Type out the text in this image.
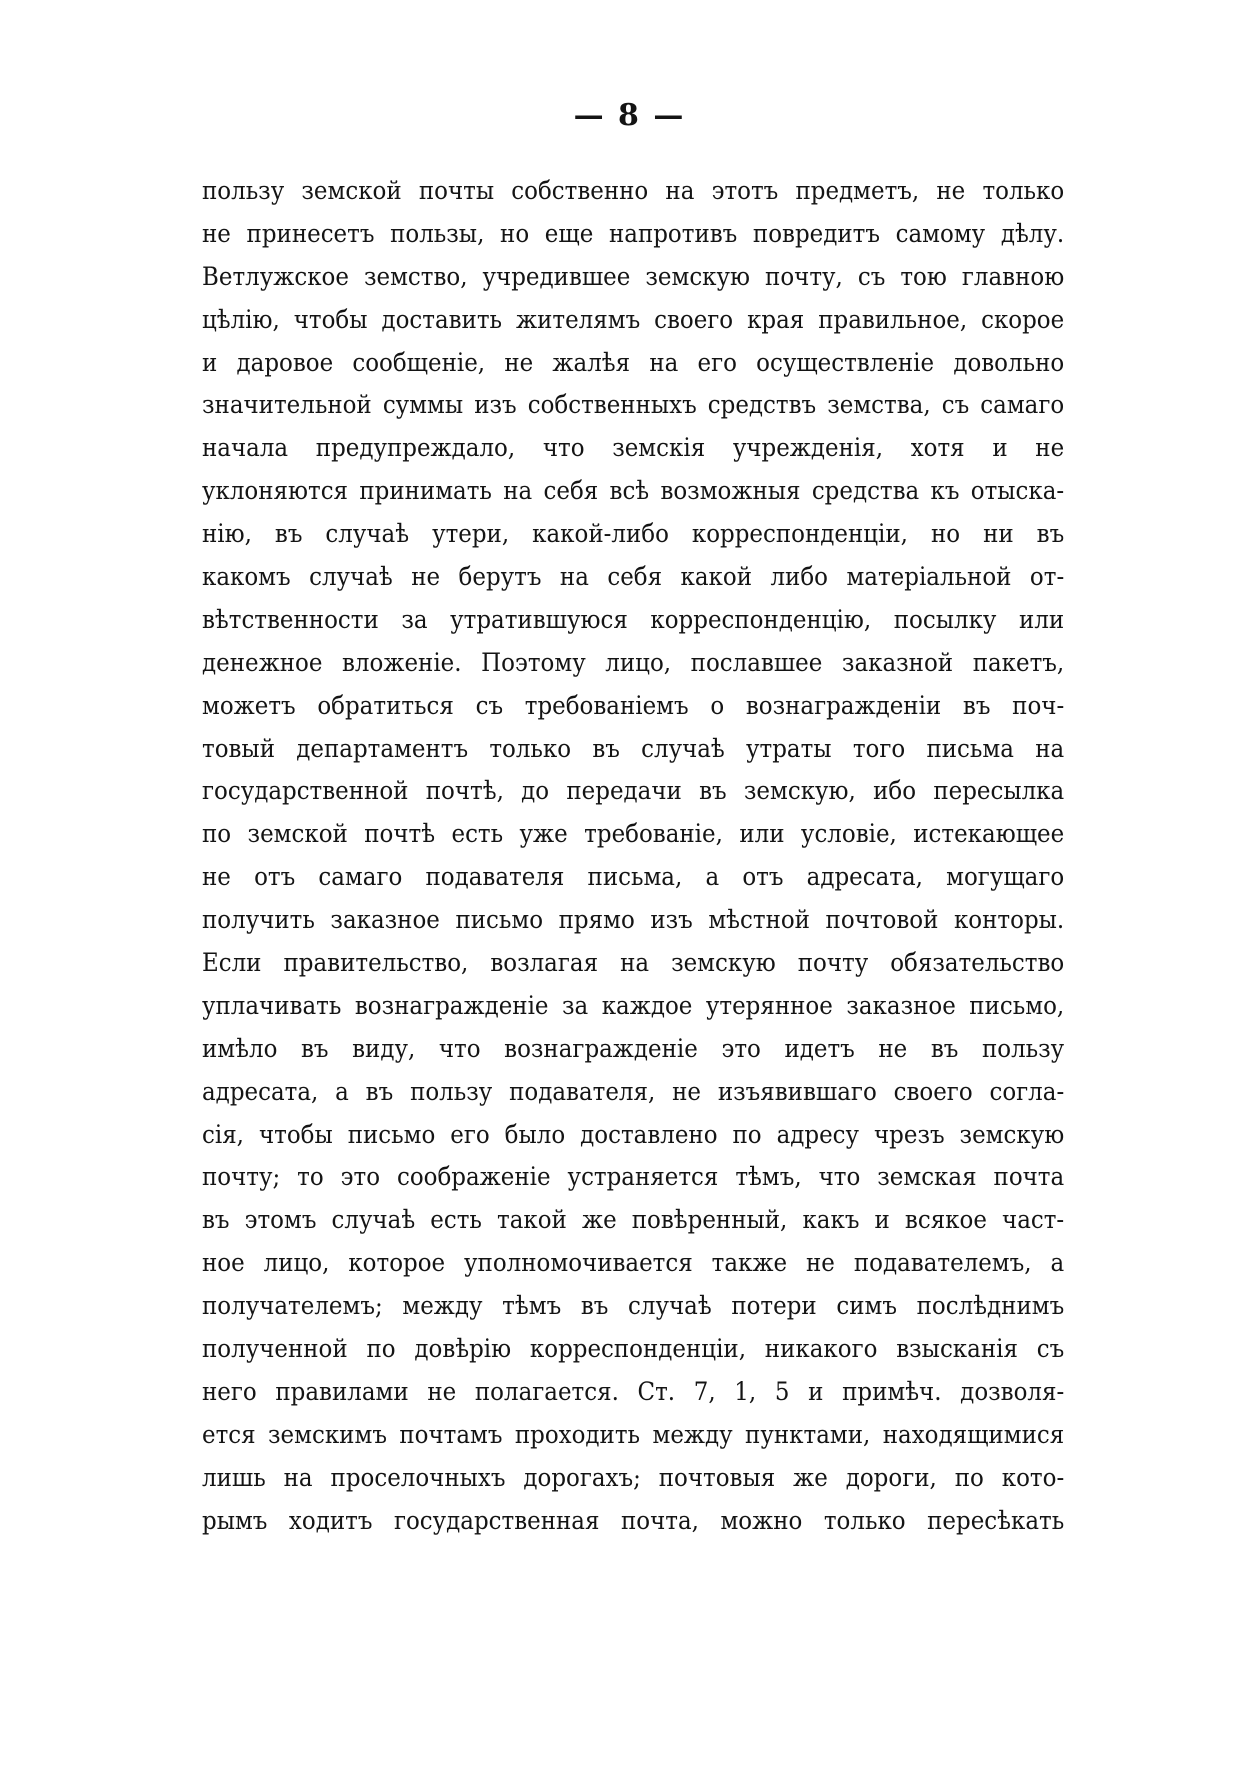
— 8 —
пользу земской почты собственно на этотъ предметъ, не только
не принесетъ пользы, но еще напротивъ повредитъ самому дѣлу.
Ветлужское земство, учредившее земскую почту, съ тою главною
цѣлію, чтобы доставить жителямъ своего края правильное, скорое
и даровое сообщеніе, не жалѣя на его осуществленіе довольно
значительной суммы изъ собственныхъ средствъ земства, съ самаго
начала предупреждало, что земскія учрежденія, хотя и не
уклоняются принимать на себя всѣ возможныя средства къ отыска-
нію, въ случаѣ утери, какой-либо корреспонденціи, но ни въ
какомъ случаѣ не берутъ на себя какой либо матеріальной от-
вѣтственности за утратившуюся корреспонденцію, посылку или
денежное вложеніе. Поэтому лицо, пославшее заказной пакетъ,
можетъ обратиться съ требованіемъ о вознагражденіи въ поч-
товый департаментъ только въ случаѣ утраты того письма на
государственной почтѣ, до передачи въ земскую, ибо пересылка
по земской почтѣ есть уже требованіе, или условіе, истекающее
не отъ самаго подавателя письма, а отъ адресата, могущаго
получить заказное письмо прямо изъ мѣстной почтовой конторы.
Если правительство, возлагая на земскую почту обязательство
уплачивать вознагражденіе за каждое утерянное заказное письмо,
имѣло въ виду, что вознагражденіе это идетъ не въ пользу
адресата, а въ пользу подавателя, не изъявившаго своего согла-
сія, чтобы письмо его было доставлено по адресу чрезъ земскую
почту; то это соображеніе устраняется тѣмъ, что земская почта
въ этомъ случаѣ есть такой же повѣренный, какъ и всякое част-
ное лицо, которое уполномочивается также не подавателемъ, а
получателемъ; между тѣмъ въ случаѣ потери симъ послѣднимъ
полученной по довѣрію корреспонденціи, никакого взысканія съ
него правилами не полагается. Ст. 7, 1, 5 и примѣч. дозволя-
ется земскимъ почтамъ проходить между пунктами, находящимися
лишь на проселочныхъ дорогахъ; почтовыя же дороги, по кото-
рымъ ходитъ государственная почта, можно только пересѣкать
